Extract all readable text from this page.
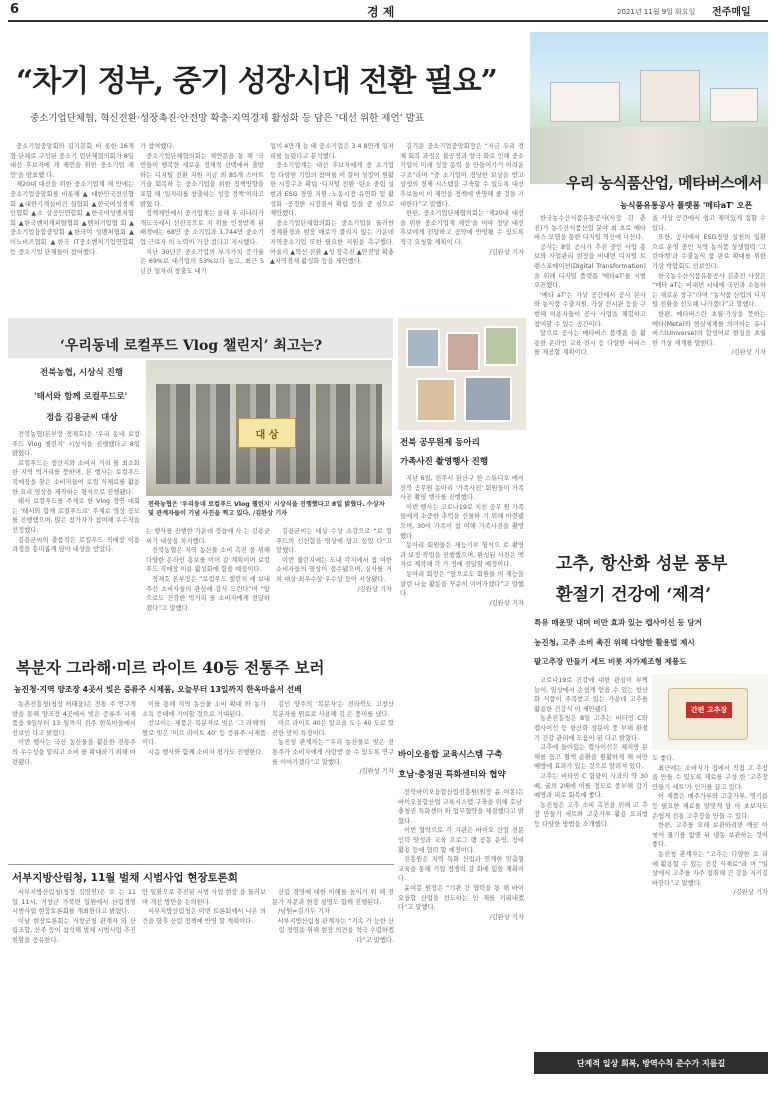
6	경 제	2021년 11월 9일 화요일 전주매일
“차기 정부, 중기 성장시대 전환 필요”
중소기업단체협, 혁신전환·성장촉진·안전망 확충·지역경제 활성화 등 담은 ‘대선 위한 제언’ 발표

중소기업중앙회와 김기문회 비 롯한 16개 협·단체로 구성된 중소기 업단체협의회가 8일 대선 후보자에 게 제언을 위한 중소기업 제언'을 발표했 다.

제20대 대선을 위한 중소기업계 제 안에는 중소기업중앙회를 비롯해 ▲ 대한민국전신협회 ▲대한기계설비건 설협회 ▲한국여성경제인협회 ▲소 상공인연합회 ▲한국여성벤처협회 ▲한국벤처캐피탈협회 ▲벤처기업협 회 ▲중소기업융합중앙회 ▲한국여 성벤처협회 ▲이노비즈협회 ▲한국 IT중소벤처기업연합회 등 중소기업 단체들이 참여했다.

가 참여했다.

중소기업단체협의회는 제언문을 통 해 '국민들이 행복한 새로운 경제적 선택에서 출발하는 디지털 전환 지원 지금 외 85개 스마트 기술 회복하 는 중소기업을 위한 정책방향을 포함 해 '일자리를 창출하는 성장 정책'이라고 밝혔 다.

정책제안에서 중기업계는 올해 우 리나라가 개도국에서 선진국으로 지 위를 인정받게 된 배경에는 68만 중 소기업과 1,744만 중소기업 근로자 의 노력이 가장 컸다고 지시했다.

지난 30년간 중소기업의 부가가치 증가율은 69%로 대기업의 53%보다 높고, 최근 5년간 일자리 창출도 대기

업이 4만개 늘 때 중소기업은 3 4 8만개 일자리를 늘렸다고 분석했다.

중소기업계는 대선 후보자에게 중 소기업 등 다양한 기업의 참여를 이 끌어 성장이 원활한 시장구조 확립 ·디지털 전환 ·탄소 중립 실현과 ESG 경영 지원 ·노동시장 유연화 및 활성화 ·공정한 시장질서 확립 등을 중 심으로 제안했다.

중소기업단체협의회는 중소기업을 둘러싼 경제환경과 현장 애로가 풀리지 않는 가운데 지역중소기업 또한 필요한 지원을 촉구했다. 아울러 ▲혁신 전환 ▲성 장촉진 ▲안전망 확충 ▲지역경제 활성화 등을 제안했다.

김기문 중소기업중앙회장은 “지금 우리 경제 회복 과정은 불공정과 양극 화로 인해 중소기업이 미래 성장 동력 을 만들어가기 어려운 구조”라며 “중 소기업이 정당한 보상을 받고 상생의 경제 시스템을 구축할 수 있도록 대선 후보들이 이 제언을 정책에 반영해 줄 것을 기대한다”고 말했다.

한편, 중소기업단체협의회는 '제20대 대선을 위한 중소기업계 제언'을 여야 정당 대선 후보에게 전달하고 공약에 반영될 수 있도록 적극 요청할 계획이 다.

/김완상 기자

우리 농식품산업, 메타버스에서
농식품유통공사 플랫폼 '메타aT' 오픈

한국농수산식품유통공사(사장 김 춘진)가 농수산식품산업 분야 최 초로 메타버스 모델을 통한 디지털 혁신에 나선다.

공사는 8일 공사가 추진 중인 사업 홍보와 사업관리 현장을 비대면 디지털 트랜스포메이션(Digital Transformation)을 위해 디지털 플랫폼 '메타aT'를 시범 오픈했다.

'메타 aT'는 가상 공간에서 공사 본사와 농식품 수출지원, 가상 전시관 등을 구현해 이용자들이 공사 사업을 체험하고 참여할 수 있는 공간이다.

앞으로 공사는 메타버스 플랫폼 을 활용한 온라인 교육·전시 등 다양한 서비스를 제공할 계획이다.

을 가상 공간에서 쉽고 재미있게 접할 수 있다.

또한, 공사에서 ESG경영 실천의 일환으로 운영 중인 지역 농식품 상생협력 '그린마켓'과 수출농식 품 판로 확대를 위한 가상 박람회도 선보인다.

한국농수산식품유통공사 김춘진 사장은 “메타 aT는 비대면 시대에 국민과 소통하는 새로운 창구”라며 “농식품 산업의 디지털 전환을 선도해 나가겠다”고 말했다.

한편, 메타버스란 초월·가상을 뜻하는 메타(Meta)와 현실세계를 의미하는 유니버스(Universe)의 합성어로 현실을 초월한 가상 세계를 말한다.

/김완상 기자

‘우리동네 로컬푸드 Vlog 챌린지’ 최고는?
전북농협, 시상식 진행
'태서와 함께 로컬푸드로'
정읍 김용균씨 대상
대 상
전북농협은 '우리동네 로컬푸드 Vlog 챌린지' 시상식을 진행했다고 8일 밝혔다. 수상자 및 관계자들이 기념 사진을 찍고 있다. /김완상 기자

전북농협(본부장 정재호)은 ‘우리 동네 로컬푸드 Vlog 챌린지’ 시상식을 진행했다고 8일 밝혔다.

로컬푸드는 생산지와 소비지 거리 를 최소화한 지역 먹거리를 뜻하며, 본 행사는 로컬푸드 직매장을 찾은 소비자들이 로컬 식재료를 활용한 요리 영상을 제작하는 형식으로 진행됐다.

태서 로컬푸드를 주제로 한 Vlog 경연 대회는 '태서와 함께 로컬푸드로' 주제로 영상 공모를 진행했으며, 많은 참가자가 참여해 우수작을 선정했다.

김용균씨의 출품작은 로컬푸드 직매장 이용 과정을 흥미롭게 담아 대상을 받았다.

는 행사를 진행한 가운데 정읍에 사 는 김용균씨가 대상을 차지했다.

전북농협은 지역 농산물 소비 촉진 을 위해 다양한 온라인 홍보를 이어 갈 계획이며 로컬푸드 직매장 이용 활성화에 힘쓸 예정이다.

정재호 본부장은 “로컬푸드 챌린지 에 보내주신 소비자들의 관심에 감사 드린다”며 “앞으로도 건강한 먹거리 를 소비자에게 전달하겠다”고 말했다.

김용균씨는 대상 수상 소감으로 “로 컬푸드의 신선함을 영상에 담고 싶었 다”고 말했다.

이번 챌린지에는 도내 각지에서 참 여한 소비자들의 영상이 접수됐으며, 심사를 거쳐 대상·최우수상·우수상 등이 시상됐다.

/김완상 기자

전북 공무원제 동아리
가족사진 촬영행사 진행

지난 6일, 전주시 완산구 한 스튜디오 에서 전북 공무원 동아리 '가족사진' 회원들이 가족사진 촬영 행사를 진행했다.

이번 행사는 코로나19로 지친 공무 원 가족들에게 소중한 추억을 선물하 기 위해 마련됐으며, 30여 가족이 참 여해 가족사진을 촬영했다.

동아리 회원들은 재능기부 형식으 로 촬영과 보정 작업을 진행했으며, 완성된 사진은 액자로 제작해 각 가 정에 전달할 예정이다.

동아리 회장은 “앞으로도 회원들 의 재능을 살린 나눔 활동을 꾸준히 이어가겠다”고 말했다.

/김완상 기자

고추, 항산화 성분 풍부
환절기 건강에 ‘제격’
특유 매운맛 내며 비만 효과 있는 캡사이신 등 담겨
농진청, 고추 소비 촉진 위해 다양한 활용법 제시
팔고추장 만들기 세트 비롯 자가제조형 제품도
간편 고추장

코로나19로 건강에 대한 관심이 부쩍 늘어, 일상에서 손쉽게 얻을 수 있는 항산화 식품이 주목받고 있는 가운데 고추를 활용한 건강식 이 제안됐다.

농촌진흥청은 8일 고추는 비타민 C와 캡사이신 등 항산화 성분이 풍 부해 환절기 건강 관리에 도움이 된 다고 밝혔다.

고추에 들어있는 캡사이신은 체지방 분해를 돕고 혈액 순환을 원활하게 해 비만 예방에 효과가 있는 것으로 알려져 있다.

고추는 비타민 C 함량이 사과의 약 30배, 귤의 2배에 이를 정도로 풍부해 감기 예방과 피로 회복에 좋다.

농진청은 고추 소비 촉진을 위해 고 추장 만들기 세트와 고춧가루 활용 요리법 등 다양한 방법을 소개했다.

도 좋다.

최근에는 소비자가 집에서 직접 고 추장을 만들 수 있도록 재료를 구성 한 '고추장 만들기 세트'가 인기를 끌고 있다.

이 제품은 메주가루와 고춧가루, 엿기름 등 필요한 재료를 알맞게 담 아 초보자도 손쉽게 전통 고추장을 만들 수 있다.

한편, 고추를 오래 보관하려면 깨끗 이 씻어 물기를 없앤 뒤 냉동 보관하는 것이 좋다.

농진청 관계자는 “고추는 다양한 요 리에 활용할 수 있는 건강 식재료”라 며 “일상에서 고추를 자주 섭취해 건 강을 지키길 바란다”고 말했다.

/김완상 기자

복분자 그라해·미르 라이트 40등 전통주 보러
농진청·지역 양조장 4곳서 빚은 증류주 시제품, 오늘부터 13일까지 한옥마을서 선배

농촌진흥청(청장 허태웅)은 전통 주 연구개발을 통해 양조장 4곳에서 빚은 증류주 시제품을 9일부터 13 일까지 전주 한옥마을에서 선보인 다고 밝혔다.

이번 행사는 국산 농산물을 활용한 전통주의 우수성을 알리고 소비 를 확대하기 위해 마련됐다.

이를 통해 지역 농산물 소비 확대 와 농가 소득 증대에 기여할 것으로 기대된다.

선보이는 제품은 복분자로 빚은 '그 라해'와 쌀로 빚은 '미르 라이트 40' 등 증류주 시제품이다.

시음 행사와 함께 소비자 평가도 진행한다.

김인 양주의 '복분자'는 전라북도 고창산 복분자를 원료로 사용해 깊 은 풍미를 냈다.

미르 라이트 40은 알코올 도수 40 도로 깔끔한 맛이 특징이다.

농진청 관계자는 “우리 농산물로 빚은 전통주가 소비자에게 사랑받 을 수 있도록 연구를 이어가겠다”고 말했다.

/김완상 기자

바이오융합 교육시스템 구축
호남·충청권 특화센터와 협약

전북바이오융합산업진흥원(원장 윤 여봉)은 바이오융합산업 교육시스템 구축을 위해 호남·충청권 특화센터 와 업무협약을 체결했다고 밝혔다.

이번 협약으로 각 기관은 바이오 산업 전문인력 양성과 교육 프로그 램 공동 운영, 장비 활용 등에 협력 할 예정이다.

진흥원은 지역 특화 산업과 연계한 맞춤형 교육을 통해 기업 경쟁력 강 화에 힘쓸 계획이다.

윤여봉 원장은 “기관 간 협력을 통 해 바이오융합 산업을 선도하는 인 재를 키워내겠다”고 말했다.

/김완상 기자

서부지방산림청, 11월 벌채 시범사업 현장토론회

서부지방산림청(청장 김영헌)은 오 는 11일 11시, 거창군 가북면 일원에서 산림경영 시범사업 현장토론회를 개최한다고 밝혔다.

이날 현장토론회는 거창군청 관계자 와 산림조합, 산주 등이 참석해 벌채 시범사업 추진 현황을 공유한다.

안 일환으로 추진된 시범 사업 현장 을 둘러보며 개선 방안을 논의한다.

서부지방산림청은 이번 토론회에서 나온 의견을 향후 산림 정책에 반영 할 계획이다.

산림 경영에 대한 이해를 높이기 위 해 전문가 자문과 현장 설명도 함께 진행된다.

/남원=김기두 기자

서부지방산림청 관계자는 “지속 가 능한 산림 경영을 위해 현장 의견을 적극 수렴하겠다”고 말했다.

단계적 일상 회복, 방역수칙 준수가 지름길
